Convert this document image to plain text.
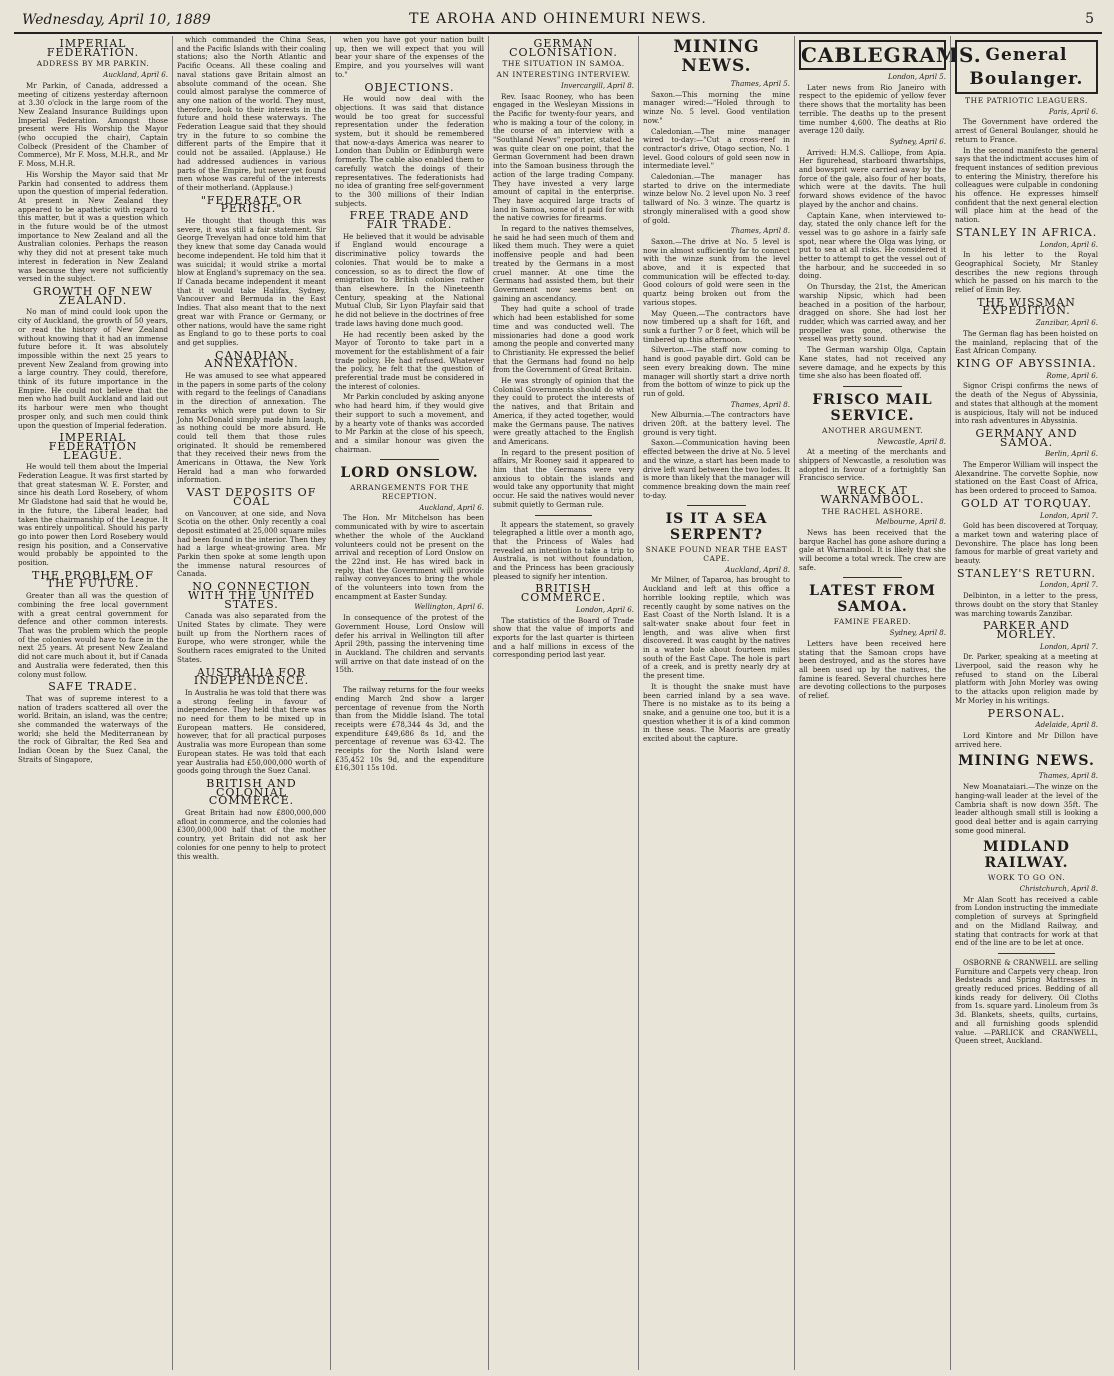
Wednesday, April 10, 1889	TE AROHA AND OHINEMURI NEWS.	5
IMPERIAL FEDERATION.
ADDRESS BY MR PARKIN.
Auckland, April 6.

Mr Parkin, of Canada, addressed a meeting of citizens yesterday afternoon at 3.30 o'clock in the large room of the New Zealand Insurance Buildings upon Imperial Federation. Amongst those present were His Worship the Mayor (who occupied the chair), Captain Colbeck (President of the Chamber of Commerce), Mr F. Moss, M.H.R., and Mr F. Moss, M.H.R.

His Worship the Mayor said that Mr Parkin had consented to address them upon the question of imperial federation. At present in New Zealand they appeared to be apathetic with regard to this matter, but it was a question which in the future would be of the utmost importance to New Zealand and all the Australian colonies. Perhaps the reason why they did not at present take much interest in federation in New Zealand was because they were not sufficiently versed in the subject.

GROWTH OF NEW ZEALAND.

No man of mind could look upon the city of Auckland, the growth of 50 years, or read the history of New Zealand without knowing that it had an immense future before it. It was absolutely impossible within the next 25 years to prevent New Zealand from growing into a large country. They could, therefore, think of its future importance in the Empire. He could not believe that the men who had built Auckland and laid out its harbour were men who thought prosper only, and such men could think upon the question of Imperial federation.

IMPERIAL FEDERATION LEAGUE.

He would tell them about the Imperial Federation League. It was first started by that great statesman W. E. Forster, and since his death Lord Rosebery, of whom Mr Gladstone had said that he would be, in the future, the Liberal leader, had taken the chairmanship of the League. It was entirely unpolitical. Should his party go into power then Lord Rosebery would resign his position, and a Conservative would probably be appointed to the position.

THE PROBLEM OF THE FUTURE.

Greater than all was the question of combining the free local government with a great central government for defence and other common interests. That was the problem which the people of the colonies would have to face in the next 25 years. At present New Zealand did not care much about it, but if Canada and Australia were federated, then this colony must follow.

SAFE TRADE.

That was of supreme interest to a nation of traders scattered all over the world. Britain, an island, was the centre; she commanded the waterways of the world; she held the Mediterranean by the rock of Gibraltar, the Red Sea and Indian Ocean by the Suez Canal, the Straits of Singapore,

which commanded the China Seas, and the Pacific Islands with their coaling stations; also the North Atlantic and Pacific Oceans. All these coaling and naval stations gave Britain almost an absolute command of the ocean. She could almost paralyse the commerce of any one nation of the world. They must, therefore, look to their interests in the future and hold these waterways. The Federation League said that they should try in the future to so combine the different parts of the Empire that it could not be assailed. (Applause.) He had addressed audiences in various parts of the Empire, but never yet found men whose was careful of the interests of their motherland. (Applause.)

"FEDERATE OR PERISH."

He thought that though this was severe, it was still a fair statement. Sir George Trevelyan had once told him that they knew that some day Canada would become independent. He told him that it was suicidal; it would strike a mortal blow at England's supremacy on the sea. If Canada became independent it meant that it would take Halifax, Sydney, Vancouver and Bermuda in the East Indies. That also meant that to the next great war with France or Germany, or other nations, would have the same right as England to go to these ports to coal and get supplies.

CANADIAN ANNEXATION.

He was amused to see what appeared in the papers in some parts of the colony with regard to the feelings of Canadians in the direction of annexation. The remarks which were put down to Sir John McDonald simply made him laugh, as nothing could be more absurd. He could tell them that those rules originated. It should be remembered that they received their news from the Americans in Ottawa, the New York Herald had a man who forwarded information.

VAST DEPOSITS OF COAL

on Vancouver, at one side, and Nova Scotia on the other. Only recently a coal deposit estimated at 25,000 square miles had been found in the interior. Then they had a large wheat-growing area. Mr Parkin then spoke at some length upon the immense natural resources of Canada.

NO CONNECTION WITH THE UNITED STATES.

Canada was also separated from the United States by climate. They were built up from the Northern races of Europe, who were stronger, while the Southern races emigrated to the United States.

AUSTRALIA FOR INDEPENDENCE.

In Australia he was told that there was a strong feeling in favour of independence. They held that there was no need for them to be mixed up in European matters. He considered, however, that for all practical purposes Australia was more European than some European states. He was told that each year Australia had £50,000,000 worth of goods going through the Suez Canal.

BRITISH AND COLONIAL COMMERCE.

Great Britain had now £800,000,000 afloat in commerce, and the colonies had £300,000,000 half that of the mother country, yet Britain did not ask her colonies for one penny to help to protect this wealth.

when you have got your nation built up, then we will expect that you will bear your share of the expenses of the Empire, and you yourselves will want to."

OBJECTIONS.

He would now deal with the objections. It was said that distance would be too great for successful representation under the federation system, but it should be remembered that now-a-days America was nearer to London than Dublin or Edinburgh were formerly. The cable also enabled them to carefully watch the doings of their representatives. The federationists had no idea of granting free self-government to the 300 millions of their Indian subjects.

FREE TRADE AND FAIR TRADE.

He believed that it would be advisable if England would encourage a discriminative policy towards the colonies. That would be to make a concession, so as to direct the flow of emigration to British colonies rather than elsewhere. In the Nineteenth Century, speaking at the National Mutual Club, Sir Lyon Playfair said that he did not believe in the doctrines of free trade laws having done much good.

He had recently been asked by the Mayor of Toronto to take part in a movement for the establishment of a fair trade policy. He had refused. Whatever the policy, he felt that the question of preferential trade must be considered in the interest of colonies.

Mr Parkin concluded by asking anyone who had heard him, if they would give their support to such a movement, and by a hearty vote of thanks was accorded to Mr Parkin at the close of his speech, and a similar honour was given the chairman.

LORD ONSLOW.
ARRANGEMENTS FOR THE RECEPTION.
Auckland, April 6.

The Hon. Mr Mitchelson has been communicated with by wire to ascertain whether the whole of the Auckland volunteers could not be present on the arrival and reception of Lord Onslow on the 22nd inst. He has wired back in reply, that the Government will provide railway conveyances to bring the whole of the volunteers into town from the encampment at Easter Sunday.

Wellington, April 6.

In consequence of the protest of the Government House, Lord Onslow will defer his arrival in Wellington till after April 29th, passing the intervening time in Auckland. The children and servants will arrive on that date instead of on the 15th.

The railway returns for the four weeks ending March 2nd show a larger percentage of revenue from the North than from the Middle Island. The total receipts were £78,344 4s 3d, and the expenditure £49,686 8s 1d, and the percentage of revenue was 63·42. The receipts for the North Island were £35,452 10s 9d, and the expenditure £16,301 15s 10d.

GERMAN COLONISATION.
THE SITUATION IN SAMOA.
AN INTERESTING INTERVIEW.
Invercargill, April 8.

Rev. Isaac Rooney, who has been engaged in the Wesleyan Missions in the Pacific for twenty-four years, and who is making a tour of the colony, in the course of an interview with a "Southland News" reporter, stated he was quite clear on one point, that the German Government had been drawn into the Samoan business through the action of the large trading Company. They have invested a very large amount of capital in the enterprise. They have acquired large tracts of land in Samoa, some of it paid for with the native cowries for firearms.

In regard to the natives themselves, he said he had seen much of them and liked them much. They were a quiet inoffensive people and had been treated by the Germans in a most cruel manner. At one time the Germans had assisted them, but their Government now seems bent on gaining an ascendancy.

They had quite a school of trade which had been established for some time and was conducted well. The missionaries had done a good work among the people and converted many to Christianity. He expressed the belief that the Germans had found no help from the Government of Great Britain.

He was strongly of opinion that the Colonial Governments should do what they could to protect the interests of the natives, and that Britain and America, if they acted together, would make the Germans pause. The natives were greatly attached to the English and Americans.

In regard to the present position of affairs, Mr Rooney said it appeared to him that the Germans were very anxious to obtain the islands and would take any opportunity that might occur. He said the natives would never submit quietly to German rule.

It appears the statement, so gravely telegraphed a little over a month ago, that the Princess of Wales had revealed an intention to take a trip to Australia, is not without foundation, and the Princess has been graciously pleased to signify her intention.

BRITISH COMMERCE.
London, April 6.

The statistics of the Board of Trade show that the value of imports and exports for the last quarter is thirteen and a half millions in excess of the corresponding period last year.

MINING NEWS.
Thames, April 5.

Saxon.—This morning the mine manager wired:—"Holed through to winze No. 5 level. Good ventilation now."

Caledonian.—The mine manager wired to-day:—"Cut a cross-reef in contractor's drive, Otago section, No. 1 level. Good colours of gold seen now in intermediate level."

Caledonian.—The manager has started to drive on the intermediate winze below No. 2 level upon No. 3 reef tallward of No. 3 winze. The quartz is strongly mineralised with a good show of gold.

Thames, April 8.

Saxon.—The drive at No. 5 level is now in almost sufficiently far to connect with the winze sunk from the level above, and it is expected that communication will be effected to-day. Good colours of gold were seen in the quartz being broken out from the various stopes.

May Queen.—The contractors have now timbered up a shaft for 16ft, and sunk a further 7 or 8 feet, which will be timbered up this afternoon.

Silverton.—The staff now coming to hand is good payable dirt. Gold can be seen every breaking down. The mine manager will shortly start a drive north from the bottom of winze to pick up the run of gold.

Thames, April 8.

New Alburnia.—The contractors have driven 20ft. at the battery level. The ground is very tight.

Saxon.—Communication having been effected between the drive at No. 5 level and the winze, a start has been made to drive left ward between the two lodes. It is more than likely that the manager will commence breaking down the main reef to-day.

IS IT A SEA SERPENT?
SNAKE FOUND NEAR THE EAST CAPE.
Auckland, April 8.

Mr Milner, of Taparoa, has brought to Auckland and left at this office a horrible looking reptile, which was recently caught by some natives on the East Coast of the North Island. It is a salt-water snake about four feet in length, and was alive when first discovered. It was caught by the natives in a water hole about fourteen miles south of the East Cape. The hole is part of a creek, and is pretty nearly dry at the present time.

It is thought the snake must have been carried inland by a sea wave. There is no mistake as to its being a snake, and a genuine one too, but it is a question whether it is of a kind common in these seas. The Maoris are greatly excited about the capture.

CABLEGRAMS.
London, April 5.

Later news from Rio Janeiro with respect to the epidemic of yellow fever there shows that the mortality has been terrible. The deaths up to the present time number 4,600. The deaths at Rio average 120 daily.

Sydney, April 6.

Arrived: H.M.S. Calliope, from Apia. Her figurehead, starboard thwartships, and bowsprit were carried away by the force of the gale, also four of her boats, which were at the davits. The hull forward shows evidence of the havoc played by the anchor and chains.

Captain Kane, when interviewed to-day, stated the only chance left for the vessel was to go ashore in a fairly safe spot, near where the Olga was lying, or put to sea at all risks. He considered it better to attempt to get the vessel out of the harbour, and he succeeded in so doing.

On Thursday, the 21st, the American warship Nipsic, which had been beached in a position of the harbour, dragged on shore. She had lost her rudder, which was carried away, and her propeller was gone, otherwise the vessel was pretty sound.

The German warship Olga, Captain Kane states, had not received any severe damage, and he expects by this time she also has been floated off.

FRISCO MAIL SERVICE.
ANOTHER ARGUMENT.
Newcastle, April 8.

At a meeting of the merchants and shippers of Newcastle, a resolution was adopted in favour of a fortnightly San Francisco service.

WRECK AT WARNAMBOOL.
THE RACHEL ASHORE.
Melbourne, April 8.

News has been received that the barque Rachel has gone ashore during a gale at Warnambool. It is likely that she will become a total wreck. The crew are safe.

LATEST FROM SAMOA.
FAMINE FEARED.
Sydney, April 8.

Letters have been received here stating that the Samoan crops have been destroyed, and as the stores have all been used up by the natives, the famine is feared. Several churches here are devoting collections to the purposes of relief.

General Boulanger.
THE PATRIOTIC LEAGUERS.
Paris, April 6.

The Government have ordered the arrest of General Boulanger, should he return to France.

In the second manifesto the general says that the indictment accuses him of frequent instances of sedition previous to entering the Ministry, therefore his colleagues were culpable in condoning his offence. He expresses himself confident that the next general election will place him at the head of the nation.

STANLEY IN AFRICA.
London, April 6.

In his letter to the Royal Geographical Society, Mr Stanley describes the new regions through which he passed on his march to the relief of Emin Bey.

THE WISSMAN EXPEDITION.
Zanzibar, April 6.

The German flag has been hoisted on the mainland, replacing that of the East African Company.

KING OF ABYSSINIA.
Rome, April 6.

Signor Crispi confirms the news of the death of the Negus of Abyssinia, and states that although at the moment is auspicious, Italy will not be induced into rash adventures in Abyssinia.

GERMANY AND SAMOA.
Berlin, April 6.

The Emperor William will inspect the Alexandrine. The corvette Sophie, now stationed on the East Coast of Africa, has been ordered to proceed to Samoa.

GOLD AT TORQUAY.
London, April 7.

Gold has been discovered at Torquay, a market town and watering place of Devonshire. The place has long been famous for marble of great variety and beauty.

STANLEY'S RETURN.
London, April 7.

Delbinton, in a letter to the press, throws doubt on the story that Stanley was marching towards Zanzibar.

PARKER AND MORLEY.
London, April 7.

Dr. Parker, speaking at a meeting at Liverpool, said the reason why he refused to stand on the Liberal platform with John Morley was owing to the attacks upon religion made by Mr Morley in his writings.

PERSONAL.
Adelaide, April 8.

Lord Kintore and Mr Dillon have arrived here.

MINING NEWS.
Thames, April 8.

New Moanataiari.—The winze on the hanging-wall leader at the level of the Cambria shaft is now down 35ft. The leader although small still is looking a good deal better and is again carrying some good mineral.

MIDLAND RAILWAY.
WORK TO GO ON.
Christchurch, April 8.

Mr Alan Scott has received a cable from London instructing the immediate completion of surveys at Springfield and on the Midland Railway, and stating that contracts for work at that end of the line are to be let at once.

OSBORNE & CRANWELL are selling Furniture and Carpets very cheap. Iron Bedsteads and Spring Mattresses in greatly reduced prices. Bedding of all kinds ready for delivery. Oil Cloths from 1s. square yard. Linoleum from 3s 3d. Blankets, sheets, quilts, curtains, and all furnishing goods splendid value. —PARLICK and CRANWELL, Queen street, Auckland.
